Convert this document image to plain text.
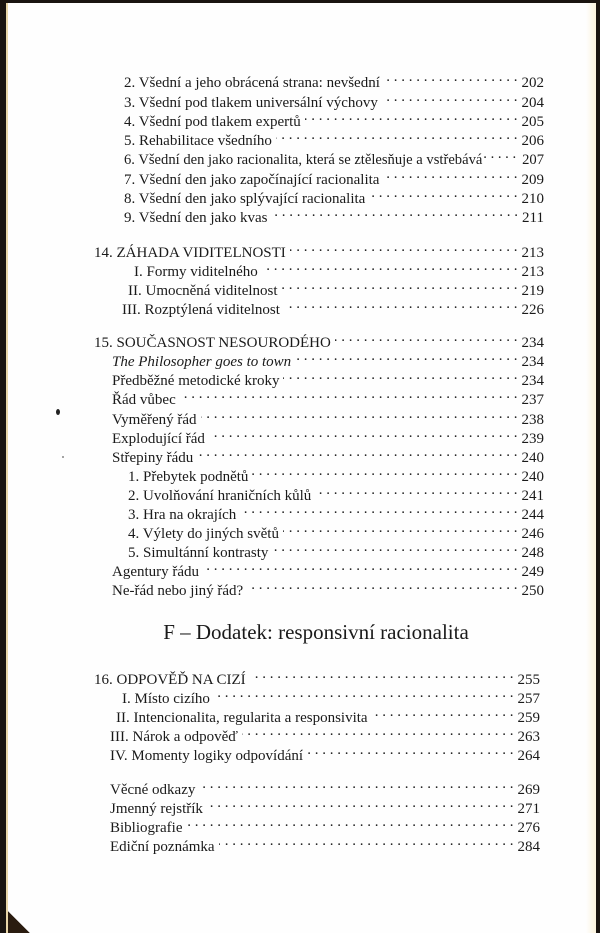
2. Všední a jeho obrácená strana: nevšední . . .	202
3. Všední pod tlakem universální výchovy . . .	204
4. Všední pod tlakem expertů . . .	205
5. Rehabilitace všedního . . .	206
6. Všední den jako racionalita, která se ztělesňuje a vstřebává . . .	207
7. Všední den jako započínající racionalita . . .	209
8. Všední den jako splývající racionalita . . .	210
9. Všední den jako kvas . . .	211
14. ZÁHADA VIDITELNOSTI . . .	213
I. Formy viditelného . . .	213
II. Umocněná viditelnost . . .	219
III. Rozptýlená viditelnost . . .	226
15. SOUČASNOST NESOURODÉHO . . .	234
The Philosopher goes to town . . .	234
Předběžné metodické kroky . . .	234
Řád vůbec . . .	237
Vyměřený řád . . .	238
Explodující řád . . .	239
Střepiny řádu . . .	240
1. Přebytek podnětů . . .	240
2. Uvolňování hraničních kůlů . . .	241
3. Hra na okrajích . . .	244
4. Výlety do jiných světů . . .	246
5. Simultánní kontrasty . . .	248
Agentury řádu . . .	249
Ne-řád nebo jiný řád? . . .	250
F – Dodatek: responsivní racionalita
16. ODPOVĚĎ NA CIZÍ . . .	255
I. Místo cizího . . .	257
II. Intencionalita, regularita a responsivita . . .	259
III. Nárok a odpověď . . .	263
IV. Momenty logiky odpovídání . . .	264
Věcné odkazy . . .	269
Jmenný rejstřík . . .	271
Bibliografie . . .	276
Ediční poznámka . . .	284
